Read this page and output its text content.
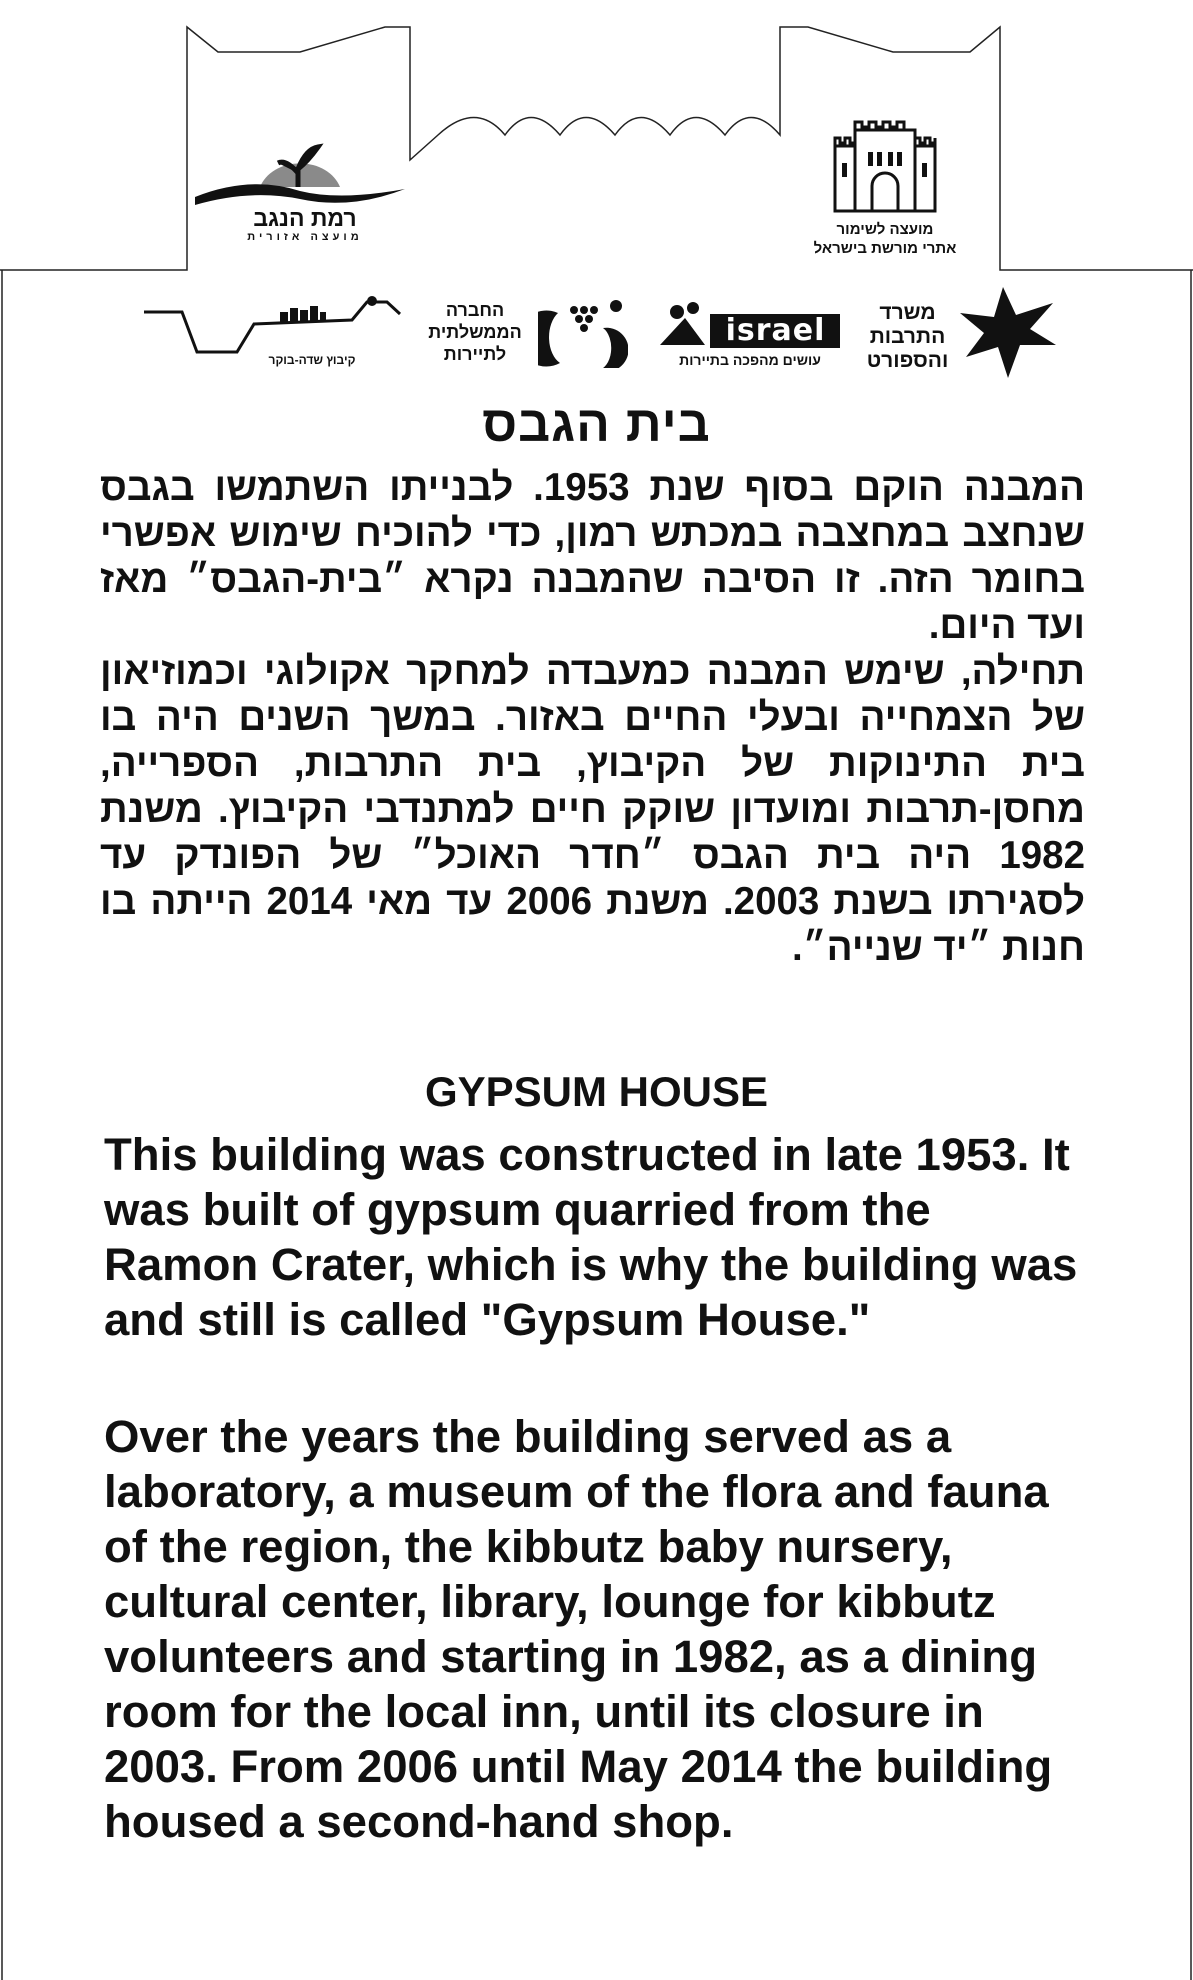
רמת הנגב
מועצה אזורית	מועצה לשימור
אתרי מורשת בישראל
קיבוץ שדה-בוקר
החברה
הממשלתית
לתיירות
israel
עושים מהפכה בתיירות
משרד
התרבות
והספורט
בית הגבס

המבנה הוקם בסוף שנת 1953. לבנייתו השתמשו בגבס שנחצב במחצבה במכתש רמון, כדי להוכיח שימוש אפשרי בחומר הזה. זו הסיבה שהמבנה נקרא ״בית-הגבס״ מאז ועד היום.

תחילה, שימש המבנה כמעבדה למחקר אקולוגי וכמוזיאון של הצמחייה ובעלי החיים באזור. במשך השנים היה בו בית התינוקות של הקיבוץ, בית התרבות, הספרייה, מחסן-תרבות ומועדון שוקק חיים למתנדבי הקיבוץ. משנת 1982 היה בית הגבס ״חדר האוכל״ של הפונדק עד לסגירתו בשנת 2003. משנת 2006 עד מאי 2014 הייתה בו חנות ״יד שנייה״.

GYPSUM HOUSE

This building was constructed in late 1953. It was built of gypsum quarried from the Ramon Crater, which is why the building was and still is called "Gypsum House."

Over the years the building served as a laboratory, a museum of the flora and fauna of the region, the kibbutz baby nursery, cultural center, library, lounge for kibbutz volunteers and starting in 1982, as a dining room for the local inn, until its closure in 2003. From 2006 until May 2014 the building housed a second-hand shop.
